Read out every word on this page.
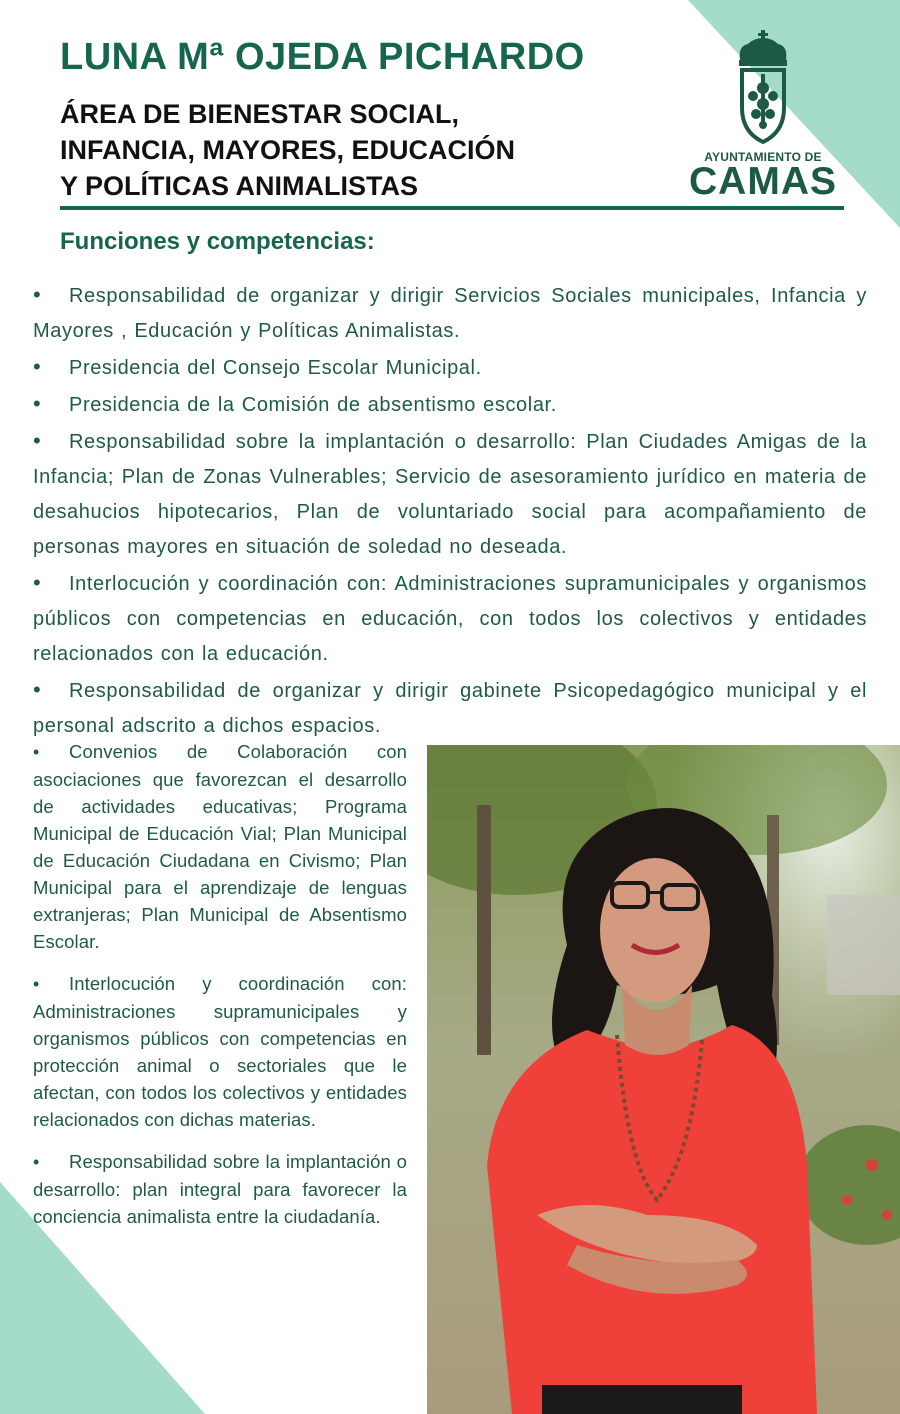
LUNA Mª OJEDA PICHARDO
ÁREA DE BIENESTAR SOCIAL,
INFANCIA, MAYORES, EDUCACIÓN
Y POLÍTICAS ANIMALISTAS
AYUNTAMIENTO DE
CAMAS
Funciones y competencias:
• Responsabilidad de organizar y dirigir Servicios Sociales municipales, Infancia y Mayores , Educación y Políticas Animalistas.
• Presidencia del Consejo Escolar Municipal.
• Presidencia de la Comisión de absentismo escolar.
• Responsabilidad sobre la implantación o desarrollo: Plan Ciudades Amigas de la Infancia; Plan de Zonas Vulnerables; Servicio de asesoramiento jurídico en materia de desahucios hipotecarios, Plan de voluntariado social para acompañamiento de personas mayores en situación de soledad no deseada.
• Interlocución y coordinación con: Administraciones supramunicipales y organismos públicos con competencias en educación, con todos los colectivos y entidades relacionados con la educación.
• Responsabilidad de organizar y dirigir gabinete Psicopedagógico municipal y el personal adscrito a dichos espacios.
• Convenios de Colaboración con asociaciones que favorezcan el desarrollo de actividades educativas; Programa Municipal de Educación Vial; Plan Municipal de Educación Ciudadana en Civismo; Plan Municipal para el aprendizaje de lenguas extranjeras; Plan Municipal de Absentismo Escolar.
• Interlocución y coordinación con: Administraciones supramunicipales y organismos públicos con competencias en protección animal o sectoriales que le afectan, con todos los colectivos y entidades relacionados con dichas materias.
• Responsabilidad sobre la implantación o desarrollo: plan integral para favorecer la conciencia animalista entre la ciudadanía.
